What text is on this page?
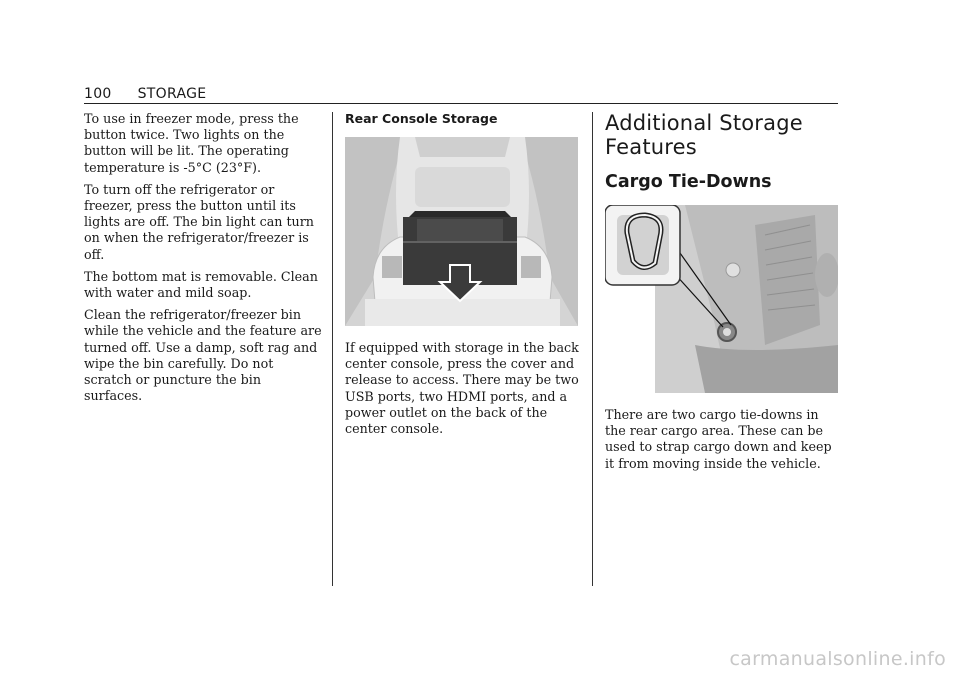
100 STORAGE

To use in freezer mode, press the button twice. Two lights on the button will be lit. The operating temperature is -5°C (23°F).

To turn off the refrigerator or freezer, press the button until its lights are off. The bin light can turn on when the refrigerator/freezer is off.

The bottom mat is removable. Clean with water and mild soap.

Clean the refrigerator/freezer bin while the vehicle and the feature are turned off. Use a damp, soft rag and wipe the bin carefully. Do not scratch or puncture the bin surfaces.

Rear Console Storage

If equipped with storage in the back center console, press the cover and release to access. There may be two USB ports, two HDMI ports, and a power outlet on the back of the center console.

Additional Storage Features
Cargo Tie-Downs

There are two cargo tie-downs in the rear cargo area. These can be used to strap cargo down and keep it from moving inside the vehicle.

carmanualsonline.info
